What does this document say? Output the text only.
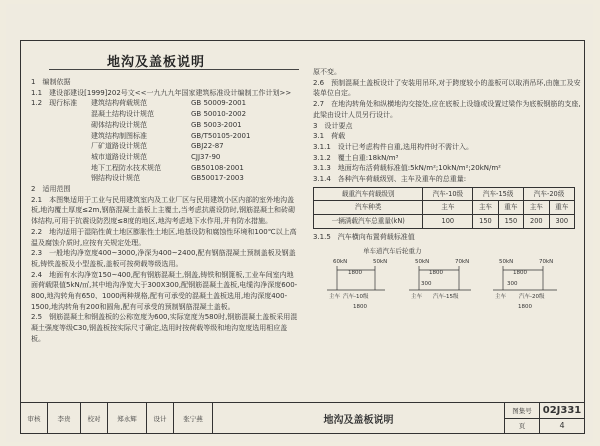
地沟及盖板说明
1　编制依据
1.1　建设部建设[1999]202号文<<一九九九年国家建筑标准设计编制工作计划>>
1.2　现行标准	建筑结构荷载规范	GB 50009-2001
混凝土结构设计规范	GB 50010-2002
砌体结构设计规范	GB 5003-2001
建筑结构制图标准	GB/T50105-2001
厂矿道路设计规范	GBJ22-87
城市道路设计规范	CJJ37-90
地下工程防水技术规范	GB50108-2001
钢结构设计规范	GB50017-2003
2　适用范围
2.1　本图集适用于工业与民用建筑室内及工业厂区与民用建筑小区内部的室外地沟盖板,地沟覆土厚度≤2m,钢筋混凝土盖板上主覆土,当考虑抗震设防时,钢筋混凝土和砖砌体结构,可用于抗震设防烈度≤8度的地区,地沟考虑地下水作用,并有防水措施。
2.2　地沟适用于湿陷性黄土地区膨胀性土地区,地基设防和腐蚀性环境和100℃以上高温及腐蚀介质时,应按有关规定处理。
2.3　一般地沟净宽度400~3000,净深为400~2400,配有钢筋混凝土预制盖板及钢盖板,铸铁盖板及小型盖板,盖板可按荷载等级选用。
2.4　地面有水沟净宽150~400,配有钢筋混凝土,钢盖,铸铁和钢篦板,工业车间室内地面荷载限值5kN/㎡,其中地沟净宽大于300X300,配钢筋混凝土盖板,电缆沟净深度600-800,地沟转角有650、1000两种规格,配有可承受的混凝土盖板选用,地沟深度400-1500,地沟转角有200和圆角,配有可承受的预制钢筋混凝土盖板。
2.5　钢筋混凝土和钢盖板的公称宽度为600,实际宽度为580时,钢筋混凝土盖板采用混凝土强度等级C30,钢盖板按实际尺寸确定,选用时按荷载等级和地沟宽度选用相应盖板。
原不变。
2.6　预制混凝土盖板设计了安装用吊环,对于跨度较小的盖板可以取消吊环,由施工及安装单位自定。
2.7　在地沟转角处和纵横地沟交接处,应在底板上设缝或设置过梁作为底板钢筋的支座,此梁由设计人员另行设计。
3　设计要点
3.1　荷载
3.1.1　设计已考虑构件自重,选用构件时不需计入。
3.1.2　覆土自重:18kN/m³
3.1.3　地面均布活荷载标准值:5kN/m²;10kN/m²;20kN/m²
3.1.4　各种汽车荷载级别、主车及重车的总重量:
载重汽车荷载级别	汽车-10级	汽车-15级		汽车-20级	
汽车种类	主车	主车	重车	主车	重车
一辆满载汽车总重量(kN)	100	150	150	200	300
3.1.5　汽车横向布置荷载标准值
单车道汽车后轮重力
60kN	50kN
1800
汽车-10级
主车
50kN	70kN
1800
汽车-15级
主车
300
50kN	70kN
1800
汽车-20级
主车
300
1800	1800
审核	李贵	校对	郑永辉	设计	张宁燕	地沟及盖板说明
图集号
页
02J331
4
